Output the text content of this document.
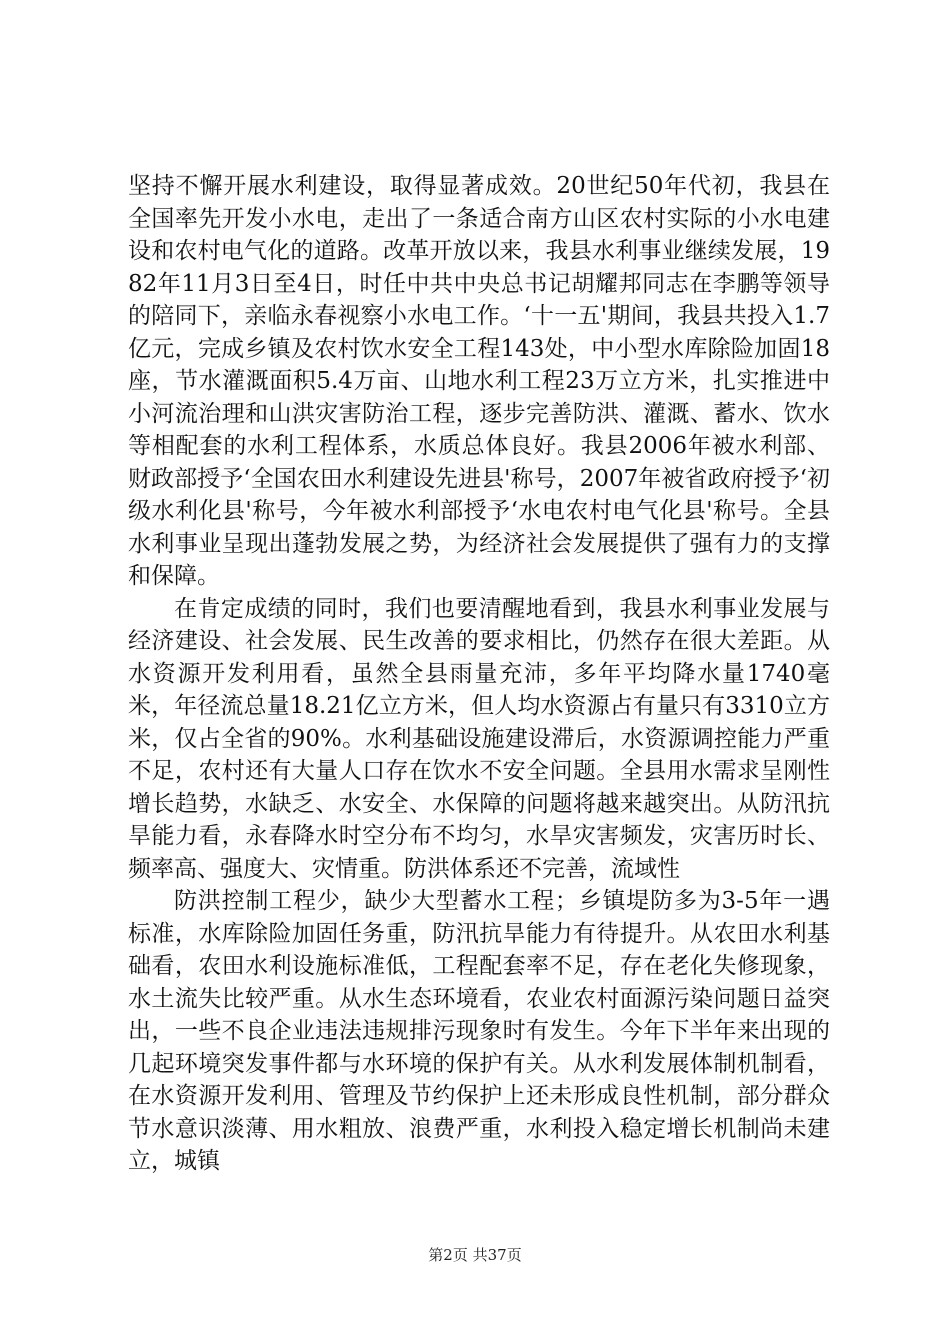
坚持不懈开展水利建设，取得显著成效。20世纪50年代初，我县在全国率先开发小水电，走出了一条适合南方山区农村实际的小水电建设和农村电气化的道路。改革开放以来，我县水利事业继续发展，1982年11月3日至4日，时任中共中央总书记胡耀邦同志在李鹏等领导的陪同下，亲临永春视察小水电工作。‘十一五'期间，我县共投入1.7亿元，完成乡镇及农村饮水安全工程143处，中小型水库除险加固18座，节水灌溉面积5.4万亩、山地水利工程23万立方米，扎实推进中小河流治理和山洪灾害防治工程，逐步完善防洪、灌溉、蓄水、饮水等相配套的水利工程体系，水质总体良好。我县2006年被水利部、财政部授予‘全国农田水利建设先进县'称号，2007年被省政府授予‘初级水利化县'称号，今年被水利部授予‘水电农村电气化县'称号。全县水利事业呈现出蓬勃发展之势，为经济社会发展提供了强有力的支撑和保障。

在肯定成绩的同时，我们也要清醒地看到，我县水利事业发展与经济建设、社会发展、民生改善的要求相比，仍然存在很大差距。从水资源开发利用看，虽然全县雨量充沛，多年平均降水量1740毫米，年径流总量18.21亿立方米，但人均水资源占有量只有3310立方米，仅占全省的90%。水利基础设施建设滞后，水资源调控能力严重不足，农村还有大量人口存在饮水不安全问题。全县用水需求呈刚性增长趋势，水缺乏、水安全、水保障的问题将越来越突出。从防汛抗旱能力看，永春降水时空分布不均匀，水旱灾害频发，灾害历时长、频率高、强度大、灾情重。防洪体系还不完善，流域性

防洪控制工程少，缺少大型蓄水工程；乡镇堤防多为3-5年一遇标准，水库除险加固任务重，防汛抗旱能力有待提升。从农田水利基础看，农田水利设施标准低，工程配套率不足，存在老化失修现象，水土流失比较严重。从水生态环境看，农业农村面源污染问题日益突出，一些不良企业违法违规排污现象时有发生。今年下半年来出现的几起环境突发事件都与水环境的保护有关。从水利发展体制机制看，在水资源开发利用、管理及节约保护上还未形成良性机制，部分群众节水意识淡薄、用水粗放、浪费严重，水利投入稳定增长机制尚未建立，城镇

第2页 共37页
